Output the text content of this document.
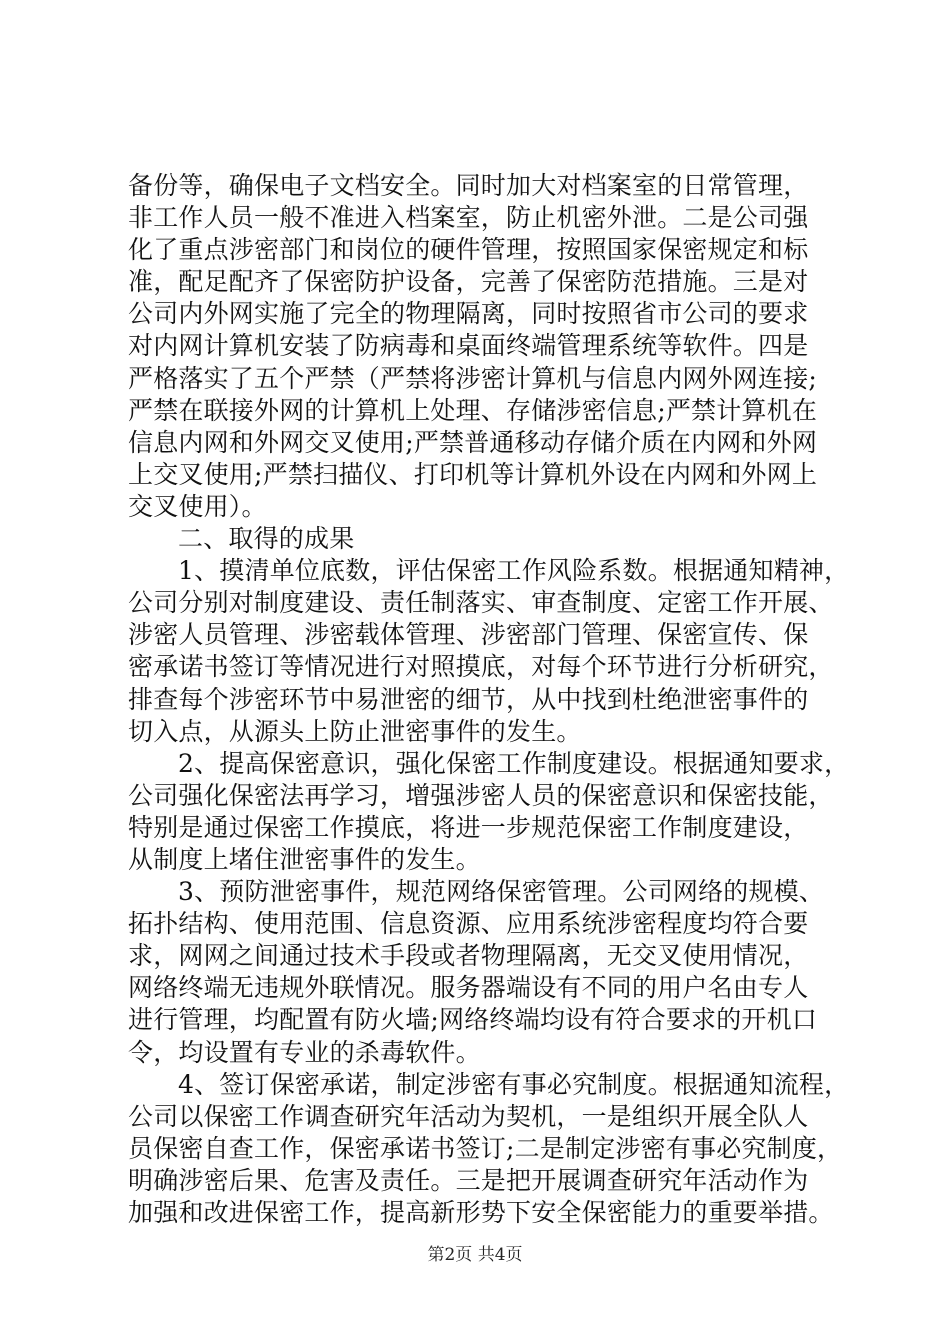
备份等，确保电子文档安全。同时加大对档案室的日常管理，
非工作人员一般不准进入档案室，防止机密外泄。二是公司强
化了重点涉密部门和岗位的硬件管理，按照国家保密规定和标
准，配足配齐了保密防护设备，完善了保密防范措施。三是对
公司内外网实施了完全的物理隔离，同时按照省市公司的要求
对内网计算机安装了防病毒和桌面终端管理系统等软件。四是
严格落实了五个严禁（严禁将涉密计算机与信息内网外网连接;
严禁在联接外网的计算机上处理、存储涉密信息;严禁计算机在
信息内网和外网交叉使用;严禁普通移动存储介质在内网和外网
上交叉使用;严禁扫描仪、打印机等计算机外设在内网和外网上
交叉使用）。
二、取得的成果
1、摸清单位底数，评估保密工作风险系数。根据通知精神，
公司分别对制度建设、责任制落实、审查制度、定密工作开展、
涉密人员管理、涉密载体管理、涉密部门管理、保密宣传、保
密承诺书签订等情况进行对照摸底，对每个环节进行分析研究，
排查每个涉密环节中易泄密的细节，从中找到杜绝泄密事件的
切入点，从源头上防止泄密事件的发生。
2、提高保密意识，强化保密工作制度建设。根据通知要求，
公司强化保密法再学习，增强涉密人员的保密意识和保密技能，
特别是通过保密工作摸底，将进一步规范保密工作制度建设，
从制度上堵住泄密事件的发生。
3、预防泄密事件，规范网络保密管理。公司网络的规模、
拓扑结构、使用范围、信息资源、应用系统涉密程度均符合要
求，网网之间通过技术手段或者物理隔离，无交叉使用情况，
网络终端无违规外联情况。服务器端设有不同的用户名由专人
进行管理，均配置有防火墙;网络终端均设有符合要求的开机口
令，均设置有专业的杀毒软件。
4、签订保密承诺，制定涉密有事必究制度。根据通知流程，
公司以保密工作调查研究年活动为契机，一是组织开展全队人
员保密自查工作，保密承诺书签订;二是制定涉密有事必究制度，
明确涉密后果、危害及责任。三是把开展调查研究年活动作为
加强和改进保密工作，提高新形势下安全保密能力的重要举措。
第2页 共4页
